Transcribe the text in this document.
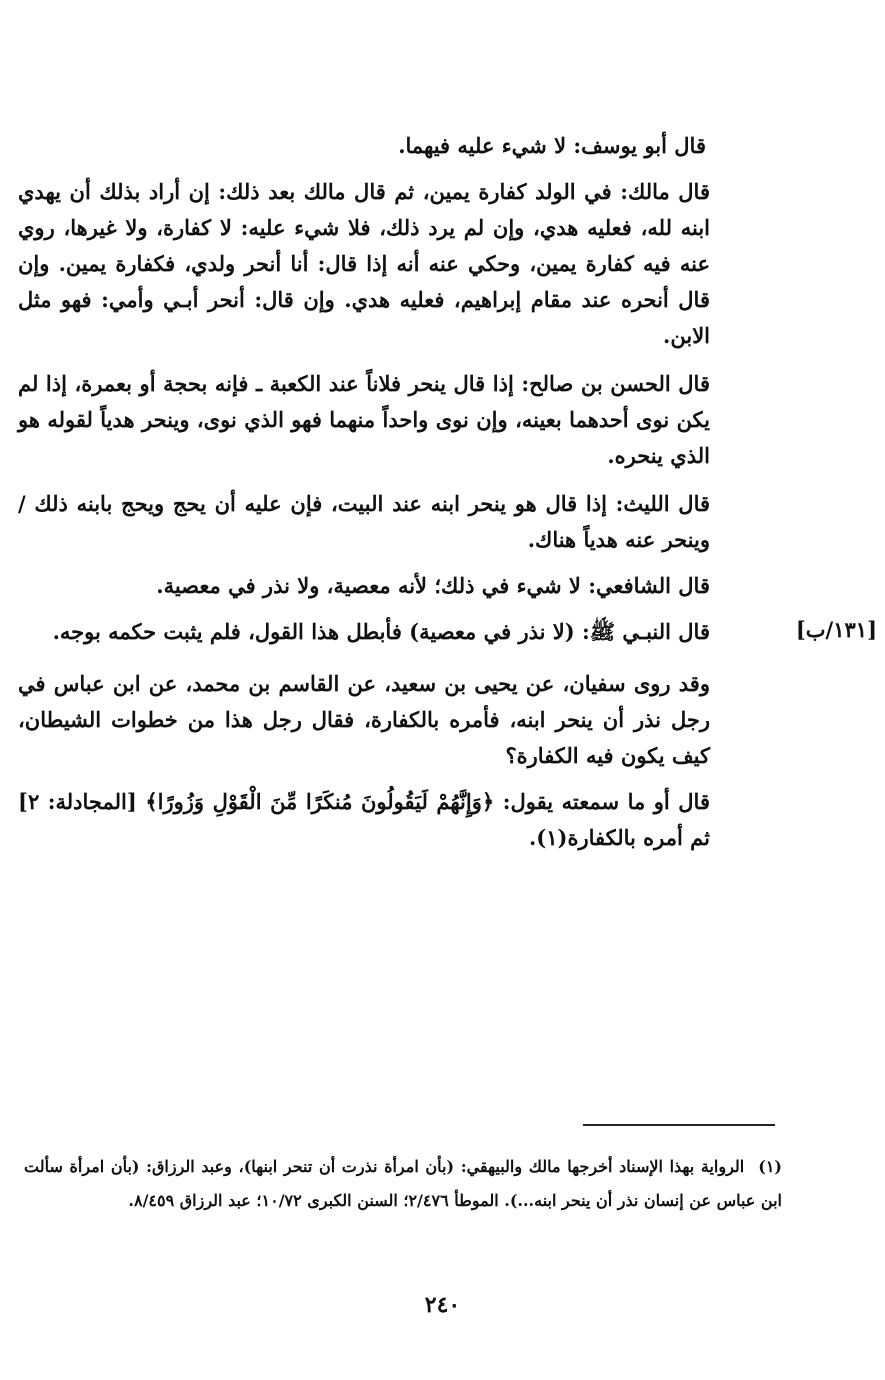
قال أبو يوسف: لا شيء عليه فيهما.

قال مالك: في الولد كفارة يمين، ثم قال مالك بعد ذلك: إن أراد بذلك أن يهدي ابنه لله، فعليه هدي، وإن لم يرد ذلك، فلا شيء عليه: لا كفارة، ولا غيرها، روي عنه فيه كفارة يمين، وحكي عنه أنه إذا قال: أنا أنحر ولدي، فكفارة يمين. وإن قال أنحره عند مقام إبراهيم، فعليه هدي. وإن قال: أنحر أبـي وأمي: فهو مثل الابن.

قال الحسن بن صالح: إذا قال ينحر فلاناً عند الكعبة ـ فإنه بحجة أو بعمرة، إذا لم يكن نوى أحدهما بعينه، وإن نوى واحداً منهما فهو الذي نوى، وينحر هدياً لقوله هو الذي ينحره.

قال الليث: إذا قال هو ينحر ابنه عند البيت، فإن عليه أن يحج ويحج بابنه ذلك / وينحر عنه هدياً هناك.

قال الشافعي: لا شيء في ذلك؛ لأنه معصية، ولا نذر في معصية.

قال النبـي ﷺ: (لا نذر في معصية) فأبطل هذا القول، فلم يثبت حكمه بوجه.

وقد روى سفيان، عن يحيى بن سعيد، عن القاسم بن محمد، عن ابن عباس في رجل نذر أن ينحر ابنه، فأمره بالكفارة، فقال رجل هذا من خطوات الشيطان، كيف يكون فيه الكفارة؟

قال أو ما سمعته يقول: ﴿وَإِنَّهُمْ لَيَقُولُونَ مُنكَرًا مِّنَ الْقَوْلِ وَزُورًا﴾ [المجادلة: ٢] ثم أمره بالكفارة(١).

[١٣١/ب]
(١)الرواية بهذا الإسناد أخرجها مالك والبيهقي: (بأن امرأة نذرت أن تنحر ابنها)، وعبد الرزاق: (بأن امرأة سألت ابن عباس عن إنسان نذر أن ينحر ابنه...). الموطأ ٢/٤٧٦؛ السنن الكبرى ١٠/٧٢؛ عبد الرزاق ٨/٤٥٩.
٢٤٠
